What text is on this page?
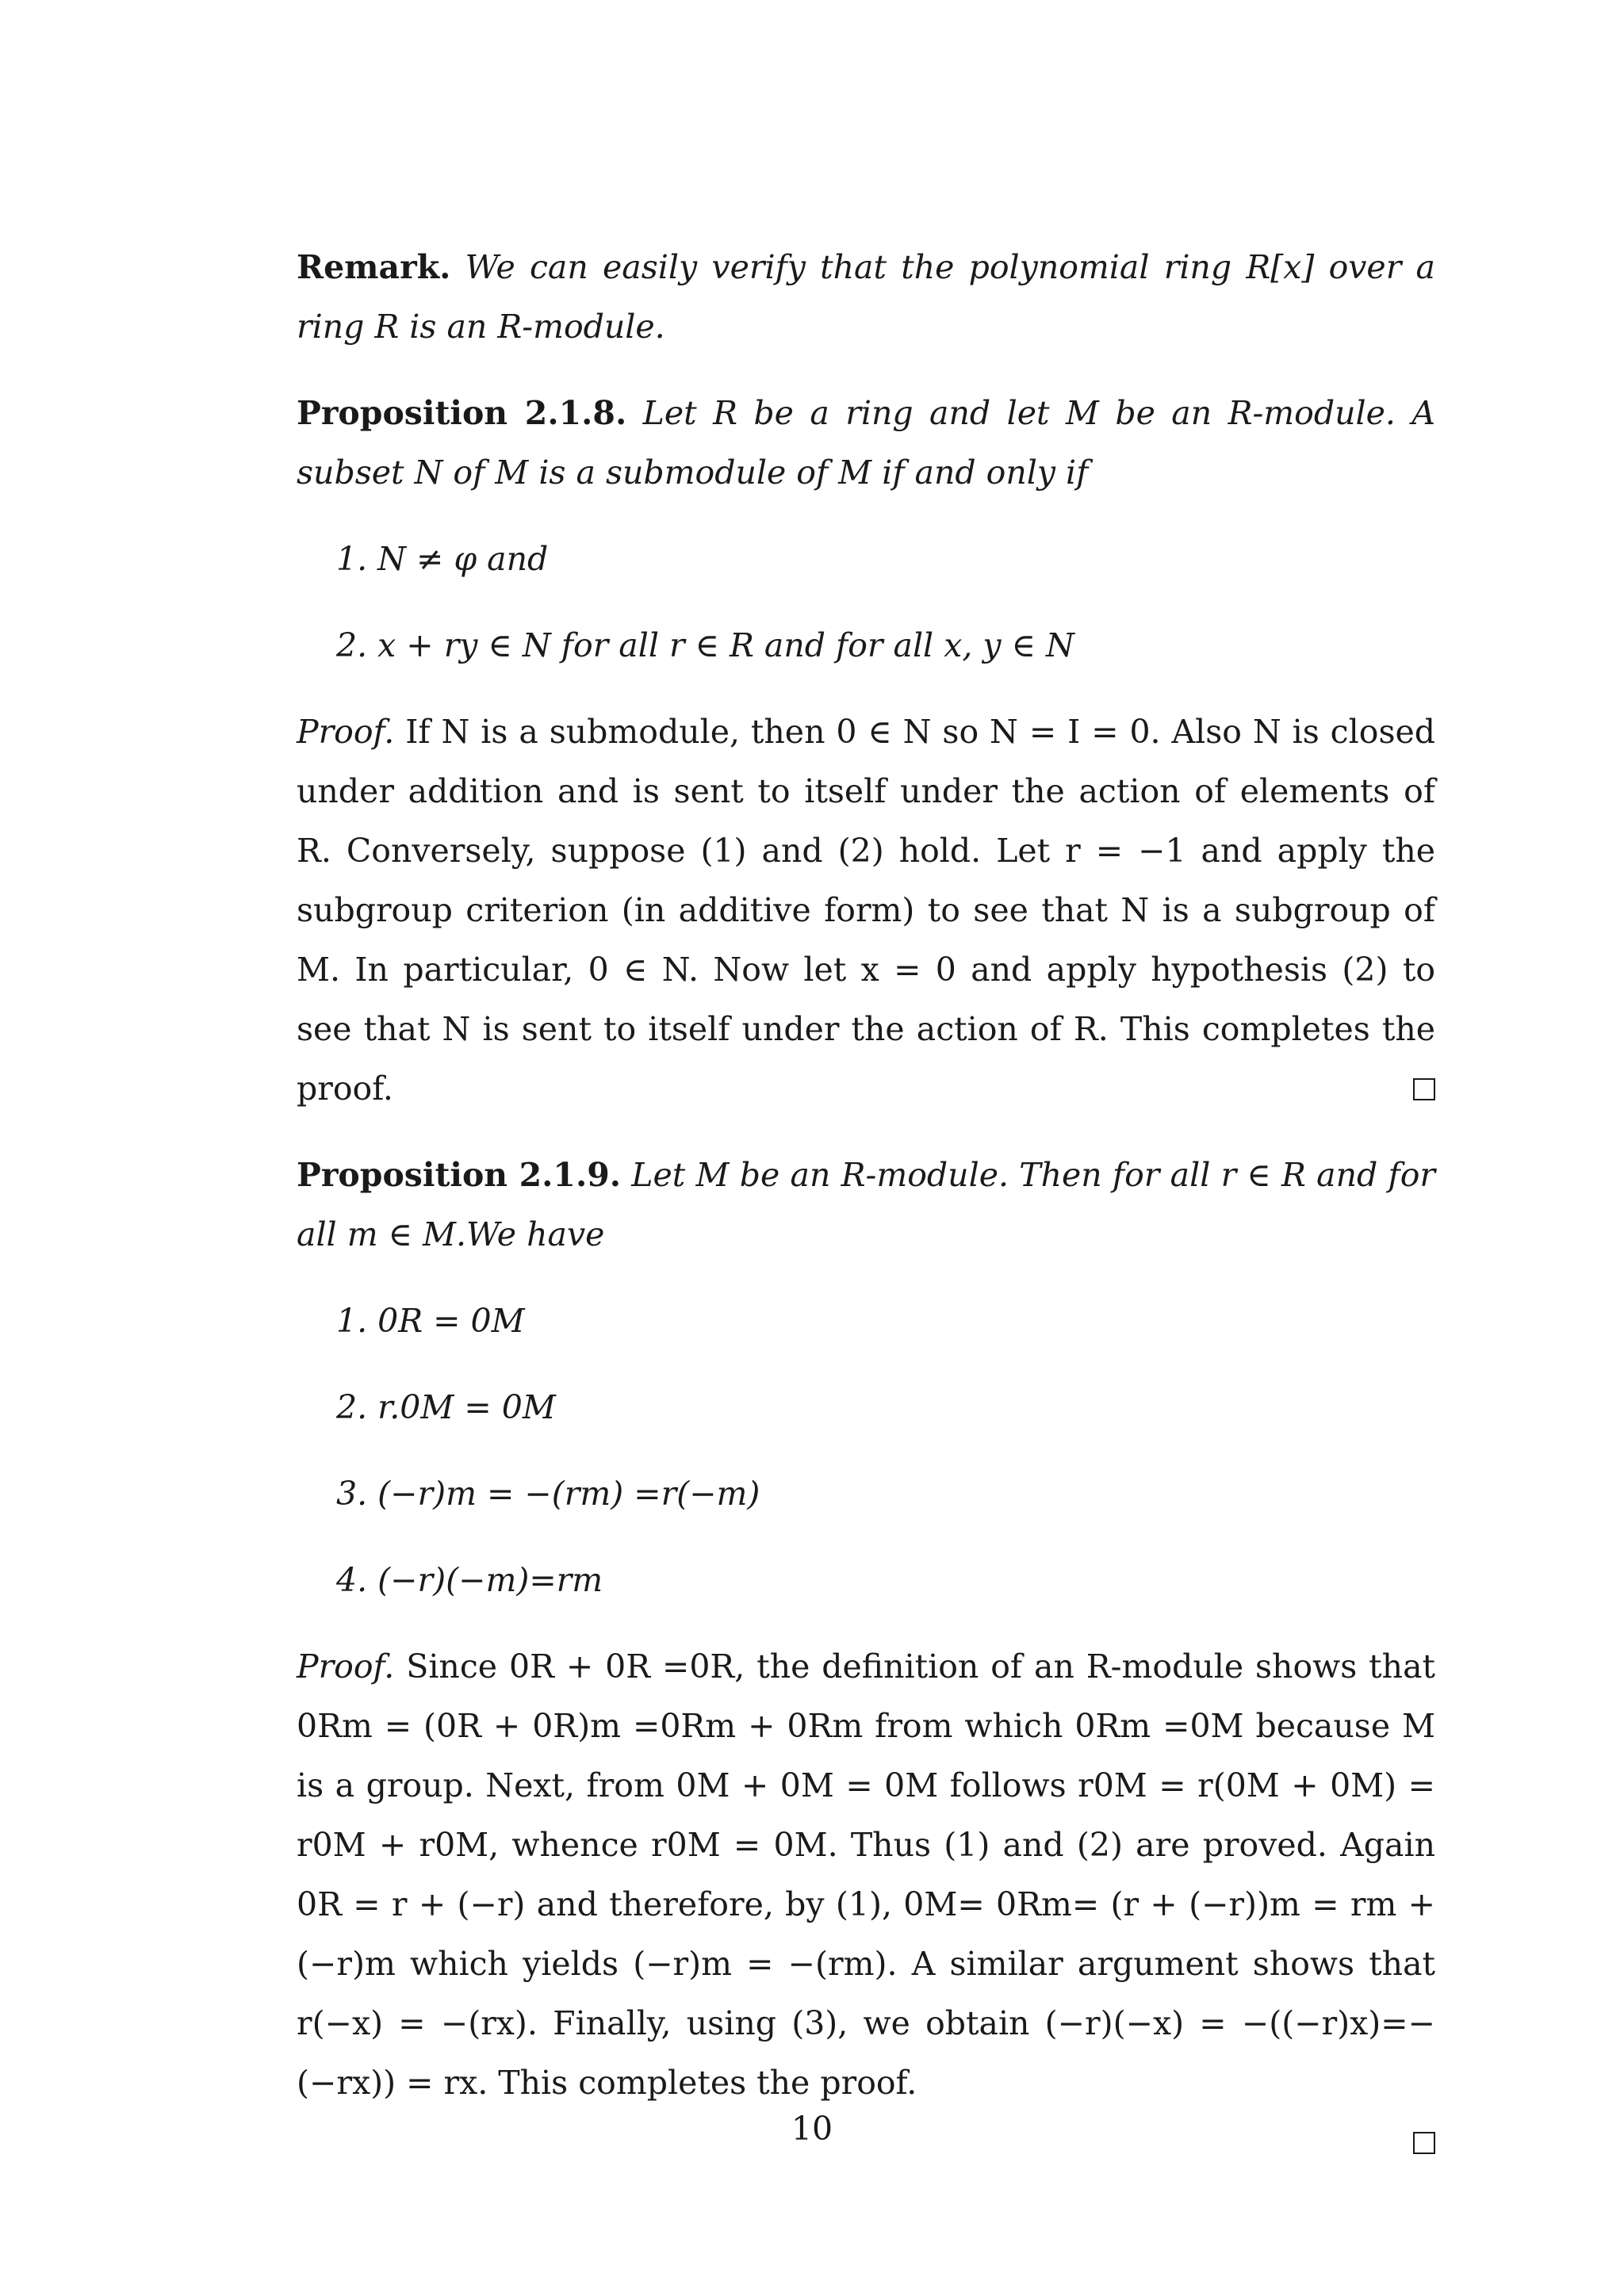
Remark. We can easily verify that the polynomial ring R[x] over a ring R is an R-module.

Proposition 2.1.8. Let R be a ring and let M be an R-module. A subset N of M is a submodule of M if and only if

1. N ≠ φ and
2. x + ry ∈ N for all r ∈ R and for all x, y ∈ N

Proof. If N is a submodule, then 0 ∈ N so N = I = 0. Also N is closed under addition and is sent to itself under the action of elements of R. Conversely, suppose (1) and (2) hold. Let r = −1 and apply the subgroup criterion (in additive form) to see that N is a subgroup of M. In particular, 0 ∈ N. Now let x = 0 and apply hypothesis (2) to see that N is sent to itself under the action of R. This completes the proof.

Proposition 2.1.9. Let M be an R-module. Then for all r ∈ R and for all m ∈ M.We have

1. 0R = 0M
2. r.0M = 0M
3. (−r)m = −(rm) =r(−m)
4. (−r)(−m)=rm

Proof. Since 0R + 0R =0R, the definition of an R-module shows that 0Rm = (0R + 0R)m =0Rm + 0Rm from which 0Rm =0M because M is a group. Next, from 0M + 0M = 0M follows r0M = r(0M + 0M) = r0M + r0M, whence r0M = 0M. Thus (1) and (2) are proved. Again 0R = r + (−r) and therefore, by (1), 0M= 0Rm= (r + (−r))m = rm + (−r)m which yields (−r)m = −(rm). A similar argument shows that r(−x) = −(rx). Finally, using (3), we obtain (−r)(−x) = −((−r)x)=−(−rx)) = rx. This completes the proof.

10
